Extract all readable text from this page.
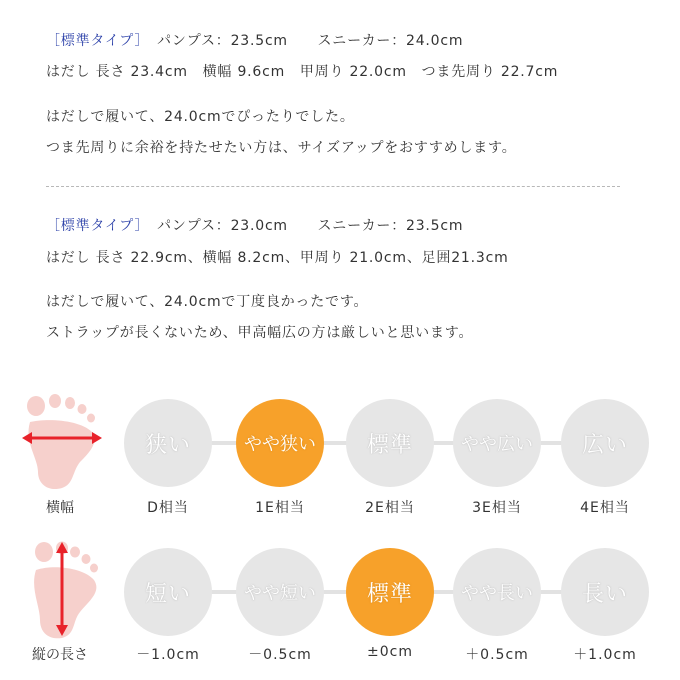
［標準タイプ］　パンプス：23.5cm　　スニーカー：24.0cm
はだし 長さ 23.4cm　横幅 9.6cm　甲周り 22.0cm　つま先周り 22.7cm
はだしで履いて、24.0cmでぴったりでした。
つま先周りに余裕を持たせたい方は、サイズアップをおすすめします。
［標準タイプ］　パンプス：23.0cm　　スニーカー：23.5cm
はだし 長さ 22.9cm、横幅 8.2cm、甲周り 21.0cm、足囲21.3cm
はだしで履いて、24.0cmで丁度良かったです。
ストラップが長くないため、甲高幅広の方は厳しいと思います。
横幅
狭い
D相当
やや狭い
1E相当
標準
2E相当
やや広い
3E相当
広い
4E相当
縦の長さ
短い
－1.0cm
やや短い
－0.5cm
標準
±0cm
やや長い
＋0.5cm
長い
＋1.0cm
